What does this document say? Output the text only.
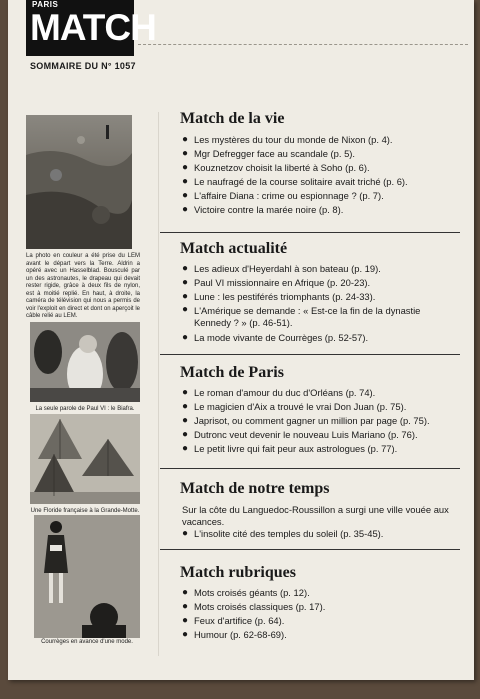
PARIS
MATCH
SOMMAIRE DU N° 1057
La photo en couleur a été prise du LEM avant le départ vers la Terre. Aldrin a opéré avec un Hasselblad. Bousculé par un des astronautes, le drapeau qui devait rester rigide, grâce à deux fils de nylon, est à moitié replié. En haut, à droite, la caméra de télévision qui nous a permis de voir l'exploit en direct et dont on aperçoit le câble relié au LEM.
La seule parole de Paul VI : le Biafra.
Une Floride française à la Grande-Motte.
Courrèges en avance d'une mode.
Match de la vie
● Les mystères du tour du monde de Nixon (p. 4).
● Mgr Defregger face au scandale (p. 5).
● Kouznetzov choisit la liberté à Soho (p. 6).
● Le naufragé de la course solitaire avait triché (p. 6).
● L'affaire Diana : crime ou espionnage ? (p. 7).
● Victoire contre la marée noire (p. 8).
Match actualité
● Les adieux d'Heyerdahl à son bateau (p. 19).
● Paul VI missionnaire en Afrique (p. 20-23).
● Lune : les pestiférés triomphants (p. 24-33).
● L'Amérique se demande : « Est-ce la fin de la dynastie Kennedy ? » (p. 46-51).
● La mode vivante de Courrèges (p. 52-57).
Match de Paris
● Le roman d'amour du duc d'Orléans (p. 74).
● Le magicien d'Aix a trouvé le vrai Don Juan (p. 75).
● Japrisot, ou comment gagner un million par page (p. 75).
● Dutronc veut devenir le nouveau Luis Mariano (p. 76).
● Le petit livre qui fait peur aux astrologues (p. 77).
Match de notre temps
Sur la côte du Languedoc-Roussillon a surgi une ville vouée aux vacances.
● L'insolite cité des temples du soleil (p. 35-45).
Match rubriques
● Mots croisés géants (p. 12).
● Mots croisés classiques (p. 17).
● Feux d'artifice (p. 64).
● Humour (p. 62-68-69).
